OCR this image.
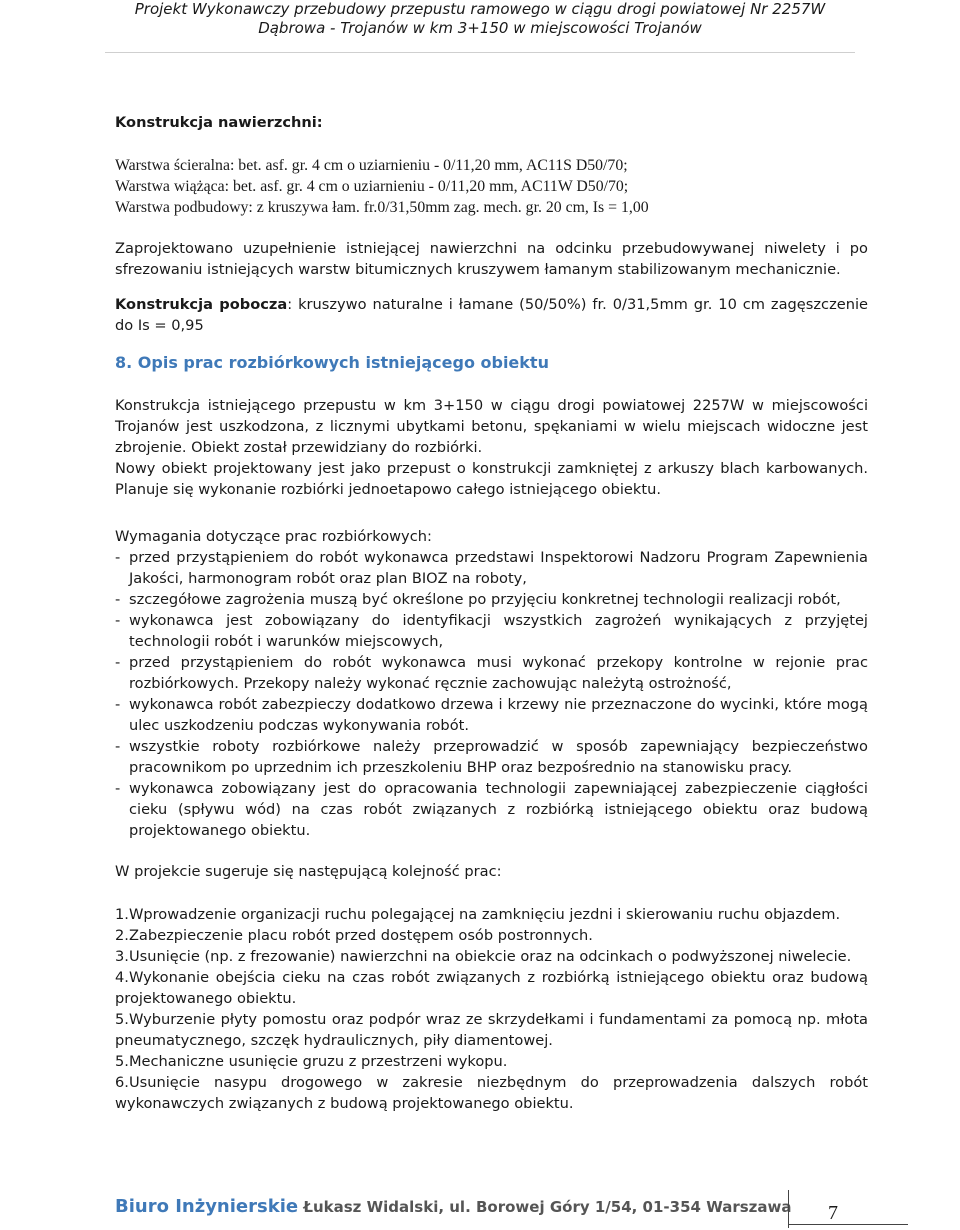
Projekt Wykonawczy przebudowy przepustu ramowego w ciągu drogi powiatowej Nr 2257W
Dąbrowa - Trojanów w km 3+150 w miejscowości Trojanów

Konstrukcja nawierzchni:

Warstwa ścieralna: bet. asf. gr. 4 cm o uziarnieniu - 0/11,20 mm, AC11S D50/70;

Warstwa wiążąca: bet. asf. gr. 4 cm o uziarnieniu - 0/11,20 mm, AC11W D50/70;

Warstwa podbudowy: z kruszywa łam. fr.0/31,50mm zag. mech. gr. 20 cm, Is = 1,00

Zaprojektowano uzupełnienie istniejącej nawierzchni na odcinku przebudowywanej niwelety i po sfrezowaniu istniejących warstw bitumicznych kruszywem łamanym stabilizowanym mechanicznie.

Konstrukcja pobocza: kruszywo naturalne i łamane (50/50%) fr. 0/31,5mm gr. 10 cm zagęszczenie do Is = 0,95

8. Opis prac rozbiórkowych istniejącego obiektu

Konstrukcja istniejącego przepustu w km 3+150 w ciągu drogi powiatowej 2257W w miejscowości Trojanów jest uszkodzona, z licznymi ubytkami betonu, spękaniami w wielu miejscach widoczne jest zbrojenie. Obiekt został przewidziany do rozbiórki.

Nowy obiekt projektowany jest jako przepust o konstrukcji zamkniętej z arkuszy blach karbowanych. Planuje się wykonanie rozbiórki jednoetapowo całego istniejącego obiektu.

Wymagania dotyczące prac rozbiórkowych:

- przed przystąpieniem do robót wykonawca przedstawi Inspektorowi Nadzoru Program Zapewnienia Jakości, harmonogram robót oraz plan BIOZ na roboty,
- szczegółowe zagrożenia muszą być określone po przyjęciu konkretnej technologii realizacji robót,
- wykonawca jest zobowiązany do identyfikacji wszystkich zagrożeń wynikających z przyjętej technologii robót i warunków miejscowych,
- przed przystąpieniem do robót wykonawca musi wykonać przekopy kontrolne w rejonie prac rozbiórkowych. Przekopy należy wykonać ręcznie zachowując należytą ostrożność,
- wykonawca robót zabezpieczy dodatkowo drzewa i krzewy nie przeznaczone do wycinki, które mogą ulec uszkodzeniu podczas wykonywania robót.
- wszystkie roboty rozbiórkowe należy przeprowadzić w sposób zapewniający bezpieczeństwo pracownikom po uprzednim ich przeszkoleniu BHP oraz bezpośrednio na stanowisku pracy.
- wykonawca zobowiązany jest do opracowania technologii zapewniającej zabezpieczenie ciągłości cieku (spływu wód) na czas robót związanych z rozbiórką istniejącego obiektu oraz budową projektowanego obiektu.

W projekcie sugeruje się następującą kolejność prac:

1.Wprowadzenie organizacji ruchu polegającej na zamknięciu jezdni i skierowaniu ruchu objazdem.

2.Zabezpieczenie placu robót przed dostępem osób postronnych.

3.Usunięcie (np. z frezowanie) nawierzchni na obiekcie oraz na odcinkach o podwyższonej niwelecie.

4.Wykonanie obejścia cieku na czas robót związanych z rozbiórką istniejącego obiektu oraz budową projektowanego obiektu.

5.Wyburzenie płyty pomostu oraz podpór wraz ze skrzydełkami i fundamentami za pomocą np. młota pneumatycznego, szczęk hydraulicznych, piły diamentowej.

5.Mechaniczne usunięcie gruzu z przestrzeni wykopu.

6.Usunięcie nasypu drogowego w zakresie niezbędnym do przeprowadzenia dalszych robót wykonawczych związanych z budową projektowanego obiektu.

Biuro Inżynierskie Łukasz Widalski, ul. Borowej Góry 1/54, 01-354 Warszawa 7
